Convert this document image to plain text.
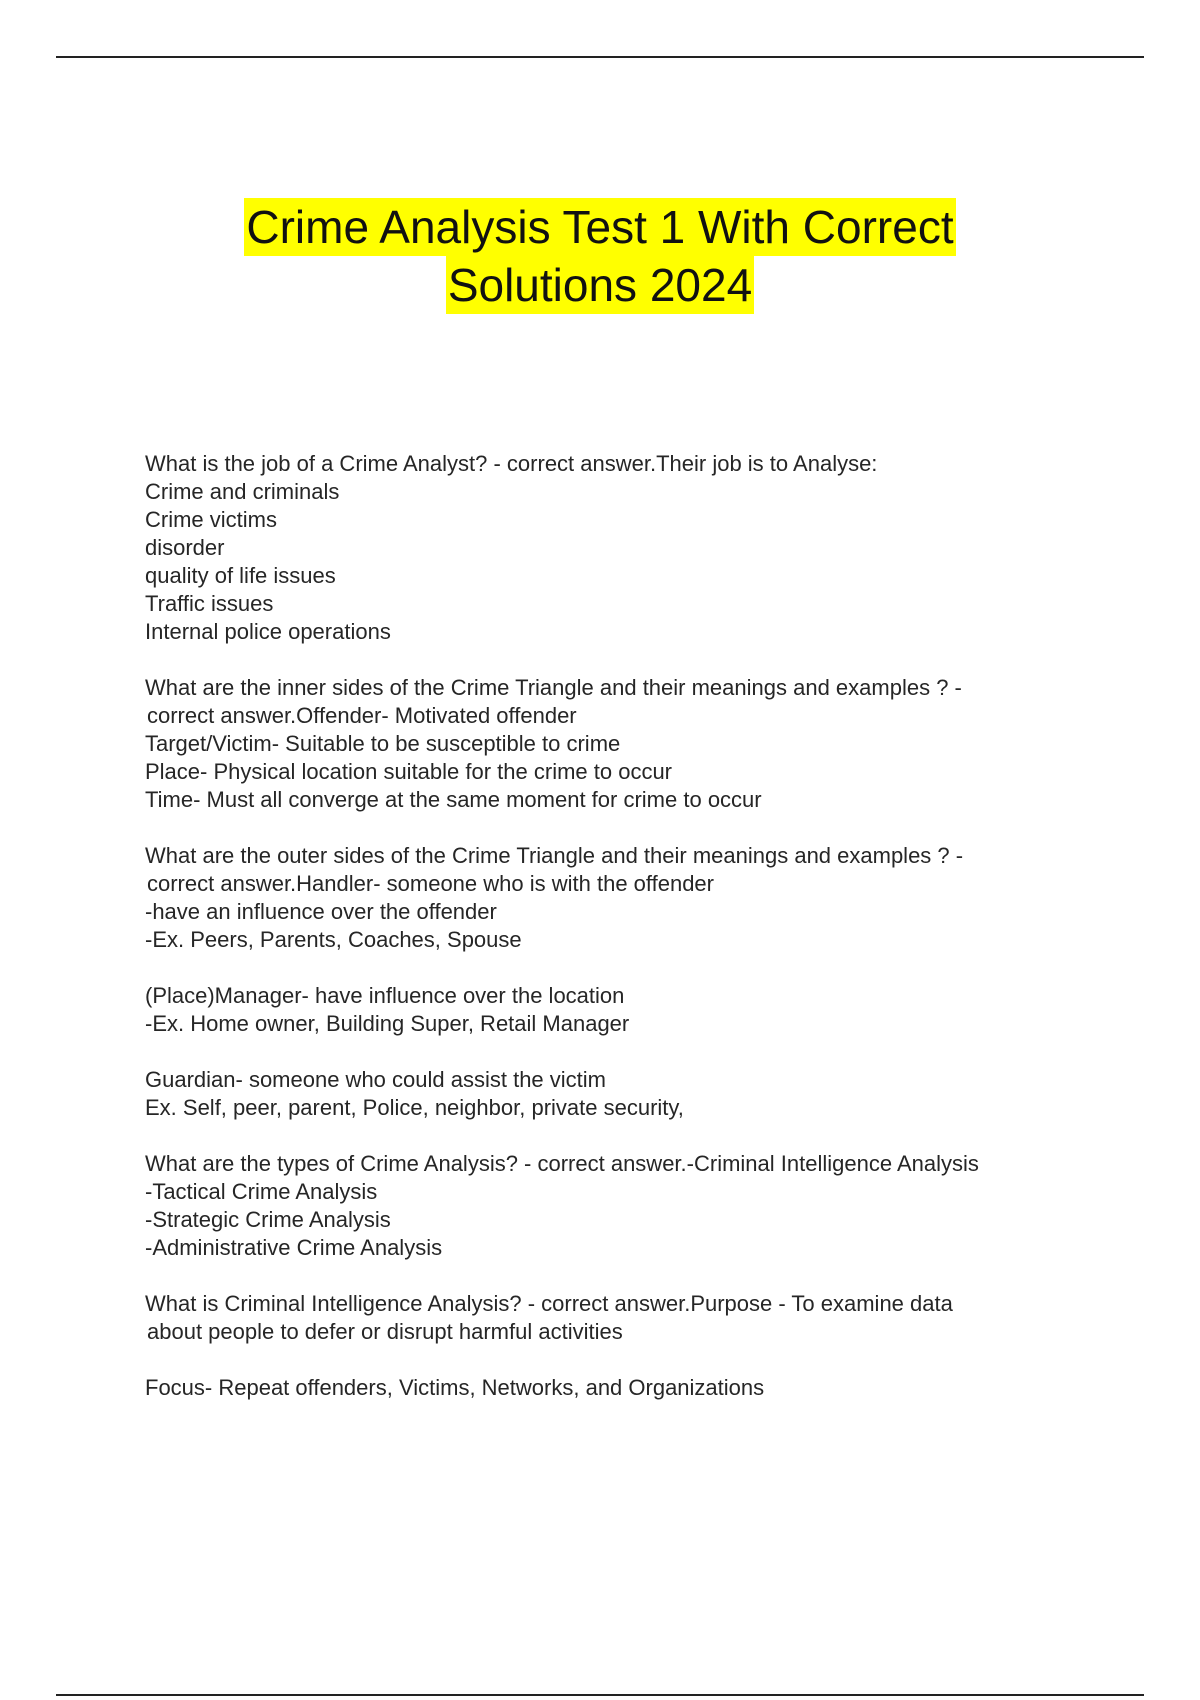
Crime Analysis Test 1 With Correct
Solutions 2024
What is the job of a Crime Analyst? - correct answer.Their job is to Analyse:
Crime and criminals
Crime victims
disorder
quality of life issues
Traffic issues
Internal police operations
What are the inner sides of the Crime Triangle and their meanings and examples ? -
correct answer.Offender- Motivated offender
Target/Victim- Suitable to be susceptible to crime
Place- Physical location suitable for the crime to occur
Time- Must all converge at the same moment for crime to occur
What are the outer sides of the Crime Triangle and their meanings and examples ? -
correct answer.Handler- someone who is with the offender
-have an influence over the offender
-Ex. Peers, Parents, Coaches, Spouse
(Place)Manager- have influence over the location
-Ex. Home owner, Building Super, Retail Manager
Guardian- someone who could assist the victim
Ex. Self, peer, parent, Police, neighbor, private security,
What are the types of Crime Analysis? - correct answer.-Criminal Intelligence Analysis
-Tactical Crime Analysis
-Strategic Crime Analysis
-Administrative Crime Analysis
What is Criminal Intelligence Analysis? - correct answer.Purpose - To examine data
about people to defer or disrupt harmful activities
Focus- Repeat offenders, Victims, Networks, and Organizations
